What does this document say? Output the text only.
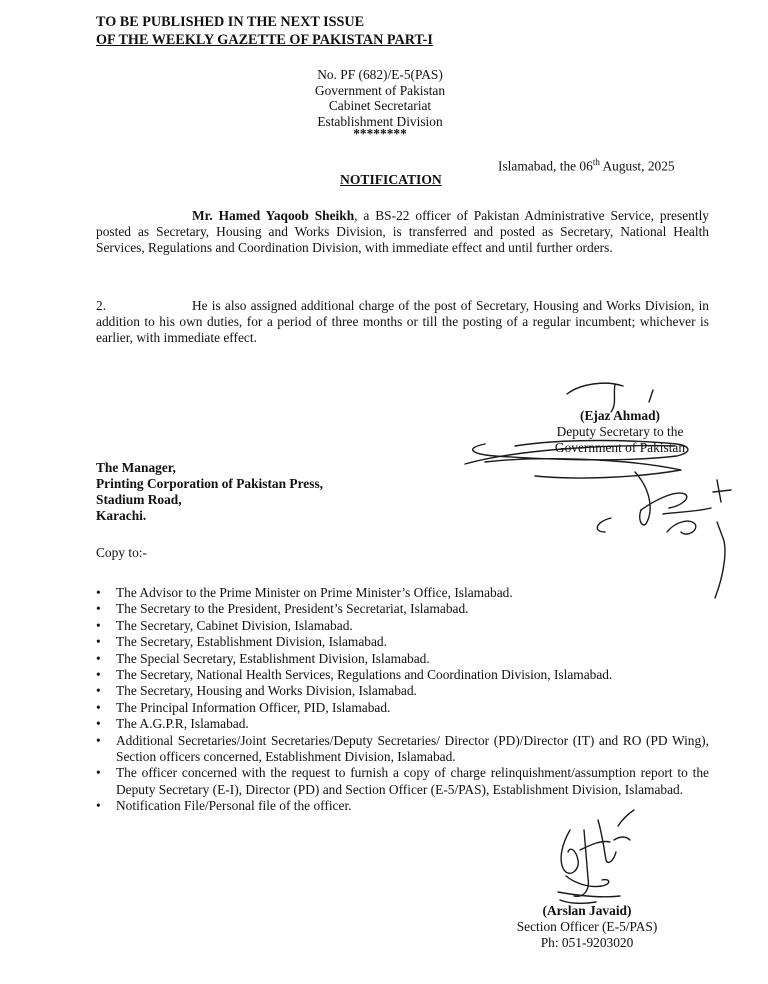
TO BE PUBLISHED IN THE NEXT ISSUE
OF THE WEEKLY GAZETTE OF PAKISTAN PART-I
No. PF (682)/E-5(PAS)
Government of Pakistan
Cabinet Secretariat
Establishment Division
********
Islamabad, the 06th August, 2025
NOTIFICATION
Mr. Hamed Yaqoob Sheikh, a BS-22 officer of Pakistan Administrative Service, presently posted as Secretary, Housing and Works Division, is transferred and posted as Secretary, National Health Services, Regulations and Coordination Division, with immediate effect and until further orders.
2.	He is also assigned additional charge of the post of Secretary, Housing and Works Division, in addition to his own duties, for a period of three months or till the posting of a regular incumbent; whichever is earlier, with immediate effect.
(Ejaz Ahmad)
Deputy Secretary to the
Government of Pakistan
The Manager,
Printing Corporation of Pakistan Press,
Stadium Road,
Karachi.
Copy to:-
• The Advisor to the Prime Minister on Prime Minister’s Office, Islamabad.
• The Secretary to the President, President’s Secretariat, Islamabad.
• The Secretary, Cabinet Division, Islamabad.
• The Secretary, Establishment Division, Islamabad.
• The Special Secretary, Establishment Division, Islamabad.
• The Secretary, National Health Services, Regulations and Coordination Division, Islamabad.
• The Secretary, Housing and Works Division, Islamabad.
• The Principal Information Officer, PID, Islamabad.
• The A.G.P.R, Islamabad.
• Additional Secretaries/Joint Secretaries/Deputy Secretaries/ Director (PD)/Director (IT) and RO (PD Wing), Section officers concerned, Establishment Division, Islamabad.
• The officer concerned with the request to furnish a copy of charge relinquishment/assumption report to the Deputy Secretary (E-I), Director (PD) and Section Officer (E-5/PAS), Establishment Division, Islamabad.
• Notification File/Personal file of the officer.
(Arslan Javaid)
Section Officer (E-5/PAS)
Ph: 051-9203020
